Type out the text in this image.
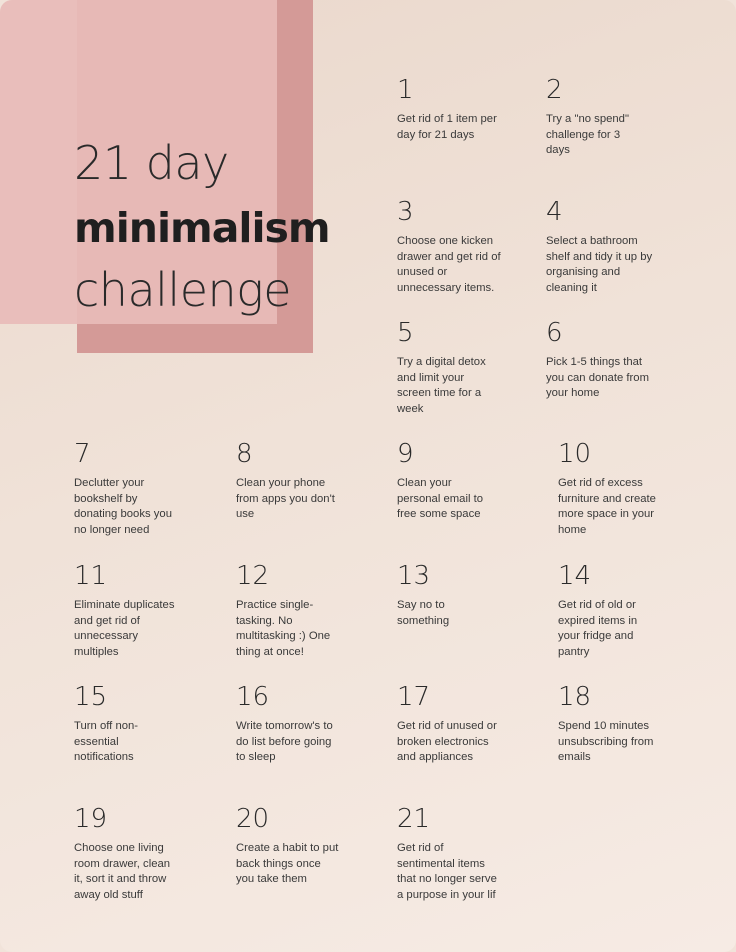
21 day
minimalism
challenge
1
Get rid of 1 item per day for 21 days
2
Try a "no spend" challenge for 3 days
3
Choose one kicken drawer and get rid of unused or unnecessary items.
4
Select a bathroom shelf and tidy it up by organising and cleaning it
5
Try a digital detox and limit your screen time for a week
6
Pick 1-5 things that you can donate from your home
7
Declutter your bookshelf by donating books you no longer need
8
Clean your phone from apps you don't use
9
Clean your personal email to free some space
10
Get rid of excess furniture and create more space in your home
11
Eliminate duplicates and get rid of unnecessary multiples
12
Practice single-tasking. No multitasking :) One thing at once!
13
Say no to something
14
Get rid of old or expired items in your fridge and pantry
15
Turn off non-essential notifications
16
Write tomorrow's to do list before going to sleep
17
Get rid of unused or broken electronics and appliances
18
Spend 10 minutes unsubscribing from emails
19
Choose one living room drawer, clean it, sort it and throw away old stuff
20
Create a habit to put back things once you take them
21
Get rid of sentimental items that no longer serve a purpose in your lif
